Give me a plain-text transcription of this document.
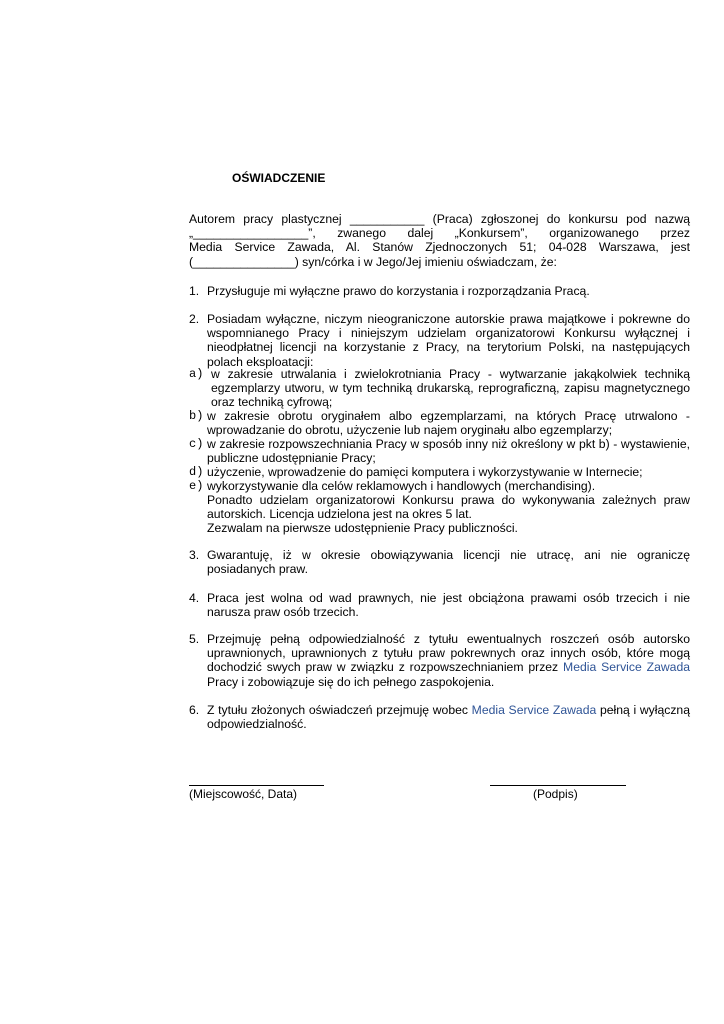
OŚWIADCZENIE
Autorem pracy plastycznej ___________ (Praca) zgłoszonej do konkursu pod nazwą
„_________________”, zwanego dalej „Konkursem”, organizowanego przez
Media Service Zawada, Al. Stanów Zjednoczonych 51; 04-028 Warszawa, jest
(_______________) syn/córka i w Jego/Jej imieniu oświadczam, że:
1. Przysługuje mi wyłączne prawo do korzystania i rozporządzania Pracą.
2. Posiadam wyłączne, niczym nieograniczone autorskie prawa majątkowe i pokrewne do wspomnianego Pracy i niniejszym udzielam organizatorowi Konkursu wyłącznej i nieodpłatnej licencji na korzystanie z Pracy, na terytorium Polski, na następujących polach eksploatacji:
a) w zakresie utrwalania i zwielokrotniania Pracy - wytwarzanie jakąkolwiek techniką egzemplarzy utworu, w tym techniką drukarską, reprograficzną, zapisu magnetycznego oraz techniką cyfrową;
b) w zakresie obrotu oryginałem albo egzemplarzami, na których Pracę utrwalono - wprowadzanie do obrotu, użyczenie lub najem oryginału albo egzemplarzy;
c) w zakresie rozpowszechniania Pracy w sposób inny niż określony w pkt b) - wystawienie, publiczne udostępnianie Pracy;
d) użyczenie, wprowadzenie do pamięci komputera i wykorzystywanie w Internecie;
e) wykorzystywanie dla celów reklamowych i handlowych (merchandising).
Ponadto udzielam organizatorowi Konkursu prawa do wykonywania zależnych praw autorskich. Licencja udzielona jest na okres 5 lat.
Zezwalam na pierwsze udostępnienie Pracy publiczności.
3. Gwarantuję, iż w okresie obowiązywania licencji nie utracę, ani nie ograniczę posiadanych praw.
4. Praca jest wolna od wad prawnych, nie jest obciążona prawami osób trzecich i nie narusza praw osób trzecich.
5. Przejmuję pełną odpowiedzialność z tytułu ewentualnych roszczeń osób autorsko uprawnionych, uprawnionych z tytułu praw pokrewnych oraz innych osób, które mogą dochodzić swych praw w związku z rozpowszechnianiem przez Media Service Zawada Pracy i zobowiązuje się do ich pełnego zaspokojenia.
6. Z tytułu złożonych oświadczeń przejmuję wobec Media Service Zawada pełną i wyłączną odpowiedzialność.
(Miejscowość, Data)	(Podpis)
